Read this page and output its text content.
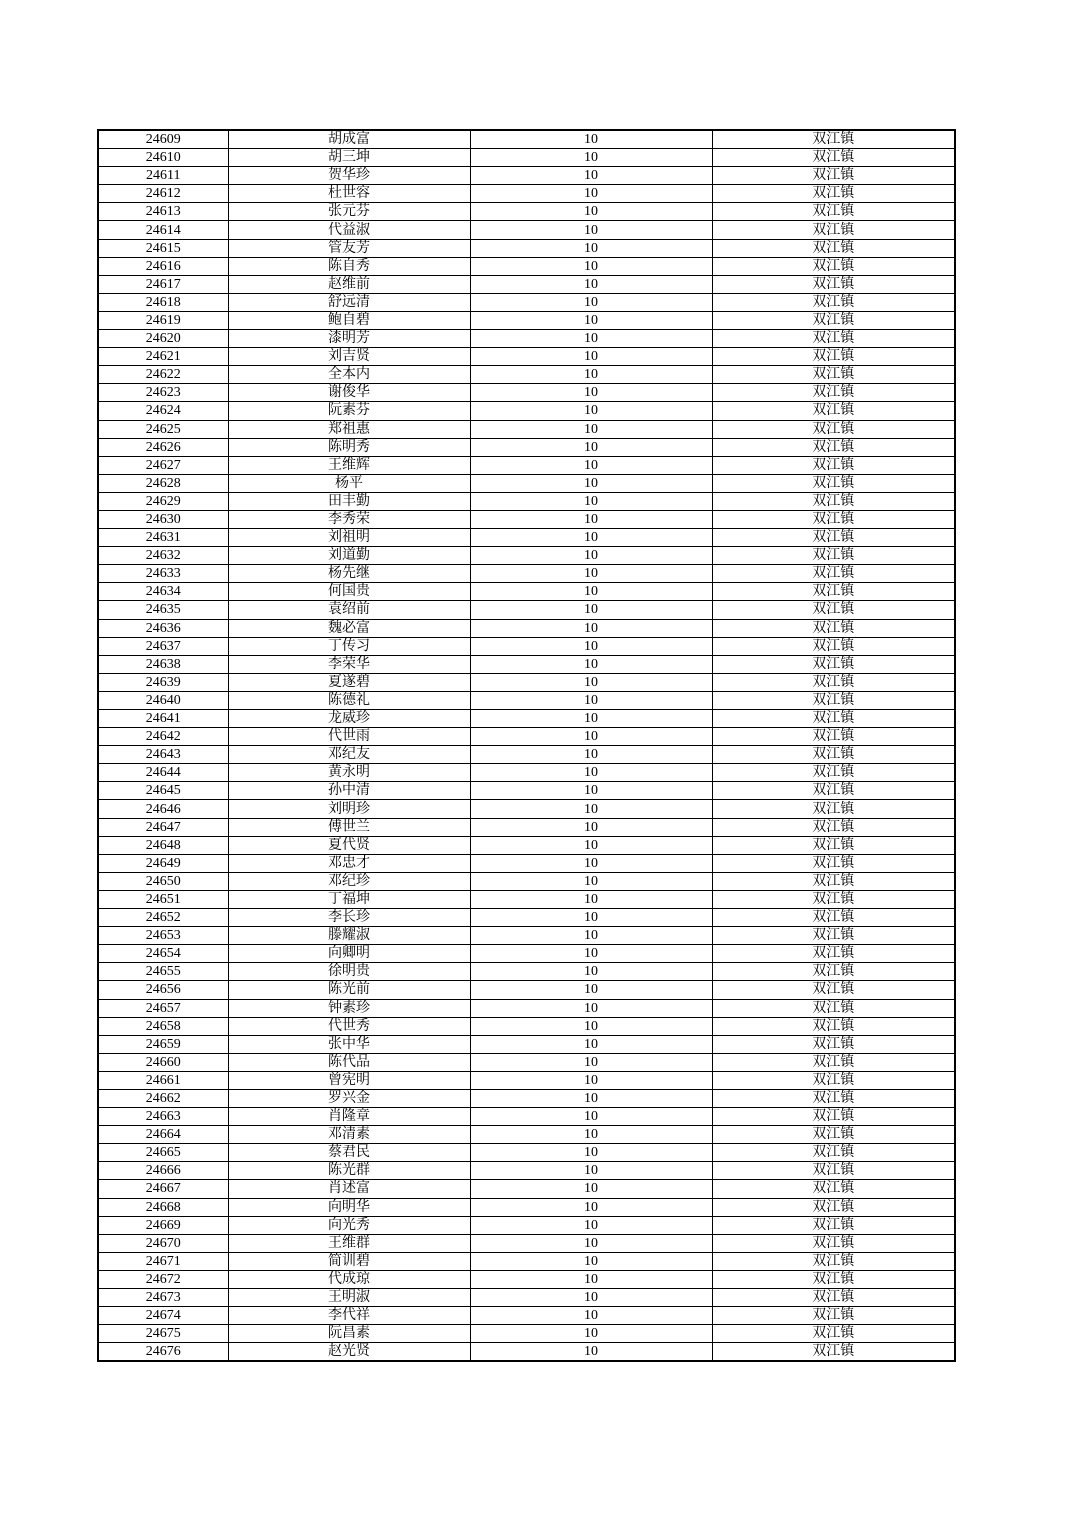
24609	胡成富	10	双江镇
24610	胡三坤	10	双江镇
24611	贺华珍	10	双江镇
24612	杜世容	10	双江镇
24613	张元芬	10	双江镇
24614	代益淑	10	双江镇
24615	管友芳	10	双江镇
24616	陈自秀	10	双江镇
24617	赵维前	10	双江镇
24618	舒远清	10	双江镇
24619	鲍自碧	10	双江镇
24620	漆明芳	10	双江镇
24621	刘吉贤	10	双江镇
24622	全本内	10	双江镇
24623	谢俊华	10	双江镇
24624	阮素芬	10	双江镇
24625	郑祖惠	10	双江镇
24626	陈明秀	10	双江镇
24627	王维辉	10	双江镇
24628	杨平	10	双江镇
24629	田丰勤	10	双江镇
24630	李秀荣	10	双江镇
24631	刘祖明	10	双江镇
24632	刘道勤	10	双江镇
24633	杨先继	10	双江镇
24634	何国贵	10	双江镇
24635	袁绍前	10	双江镇
24636	魏必富	10	双江镇
24637	丁传习	10	双江镇
24638	李荣华	10	双江镇
24639	夏遂碧	10	双江镇
24640	陈德礼	10	双江镇
24641	龙威珍	10	双江镇
24642	代世雨	10	双江镇
24643	邓纪友	10	双江镇
24644	黄永明	10	双江镇
24645	孙中清	10	双江镇
24646	刘明珍	10	双江镇
24647	傅世兰	10	双江镇
24648	夏代贤	10	双江镇
24649	邓忠才	10	双江镇
24650	邓纪珍	10	双江镇
24651	丁福坤	10	双江镇
24652	李长珍	10	双江镇
24653	滕耀淑	10	双江镇
24654	向卿明	10	双江镇
24655	徐明贵	10	双江镇
24656	陈光前	10	双江镇
24657	钟素珍	10	双江镇
24658	代世秀	10	双江镇
24659	张中华	10	双江镇
24660	陈代品	10	双江镇
24661	曾宪明	10	双江镇
24662	罗兴金	10	双江镇
24663	肖隆章	10	双江镇
24664	邓清素	10	双江镇
24665	蔡君民	10	双江镇
24666	陈光群	10	双江镇
24667	肖述富	10	双江镇
24668	向明华	10	双江镇
24669	向光秀	10	双江镇
24670	王维群	10	双江镇
24671	简训碧	10	双江镇
24672	代成琼	10	双江镇
24673	王明淑	10	双江镇
24674	李代祥	10	双江镇
24675	阮昌素	10	双江镇
24676	赵光贤	10	双江镇
